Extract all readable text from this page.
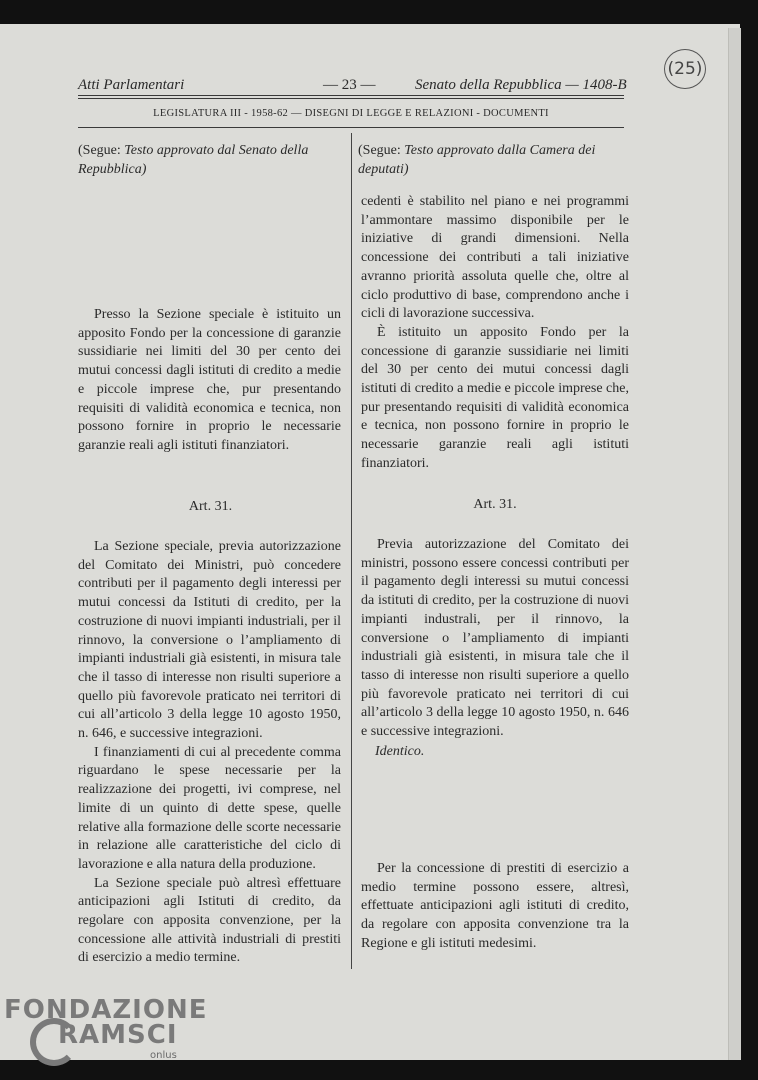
Atti Parlamentari	— 23 —	Senato della Repubblica — 1408-B
LEGISLATURA III - 1958-62 — DISEGNI DI LEGGE E RELAZIONI - DOCUMENTI
(25)
(Segue: Testo approvato dal Senato della Repubblica)

Presso la Sezione speciale è istituito un apposito Fondo per la concessione di garanzie sussidiarie nei limiti del 30 per cento dei mutui concessi dagli istituti di credito a medie e piccole imprese che, pur presentando requisiti di validità economica e tecnica, non possono fornire in proprio le necessarie garanzie reali agli istituti finanziatori.

Art. 31.

La Sezione speciale, previa autorizzazione del Comitato dei Ministri, può concedere contributi per il pagamento degli interessi per mutui concessi da Istituti di credito, per la costruzione di nuovi impianti industriali, per il rinnovo, la conversione o l’ampliamento di impianti industriali già esistenti, in misura tale che il tasso di interesse non risulti superiore a quello più favorevole praticato nei territori di cui all’articolo 3 della legge 10 agosto 1950, n. 646, e successive integrazioni.

I finanziamenti di cui al precedente comma riguardano le spese necessarie per la realizzazione dei progetti, ivi comprese, nel limite di un quinto di dette spese, quelle relative alla formazione delle scorte necessarie in relazione alle caratteristiche del ciclo di lavorazione e alla natura della produzione.

La Sezione speciale può altresì effettuare anticipazioni agli Istituti di credito, da regolare con apposita convenzione, per la concessione alle attività industriali di prestiti di esercizio a medio termine.

(Segue: Testo approvato dalla Camera dei deputati)

cedenti è stabilito nel piano e nei programmi l’ammontare massimo disponibile per le iniziative di grandi dimensioni. Nella concessione dei contributi a tali iniziative avranno priorità assoluta quelle che, oltre al ciclo produttivo di base, comprendono anche i cicli di lavorazione successiva.

È istituito un apposito Fondo per la concessione di garanzie sussidiarie nei limiti del 30 per cento dei mutui concessi dagli istituti di credito a medie e piccole imprese che, pur presentando requisiti di validità economica e tecnica, non possono fornire in proprio le necessarie garanzie reali agli istituti finanziatori.

Art. 31.

Previa autorizzazione del Comitato dei ministri, possono essere concessi contributi per il pagamento degli interessi su mutui concessi da istituti di credito, per la costruzione di nuovi impianti industrali, per il rinnovo, la conversione o l’ampliamento di impianti industriali già esistenti, in misura tale che il tasso di interesse non risulti superiore a quello più favorevole praticato nei territori di cui all’articolo 3 della legge 10 agosto 1950, n. 646 e successive integrazioni.

Identico.

Per la concessione di prestiti di esercizio a medio termine possono essere, altresì, effettuate anticipazioni agli istituti di credito, da regolare con apposita convenzione tra la Regione e gli istituti medesimi.

FONDAZIONE
RAMSCI
onlus
